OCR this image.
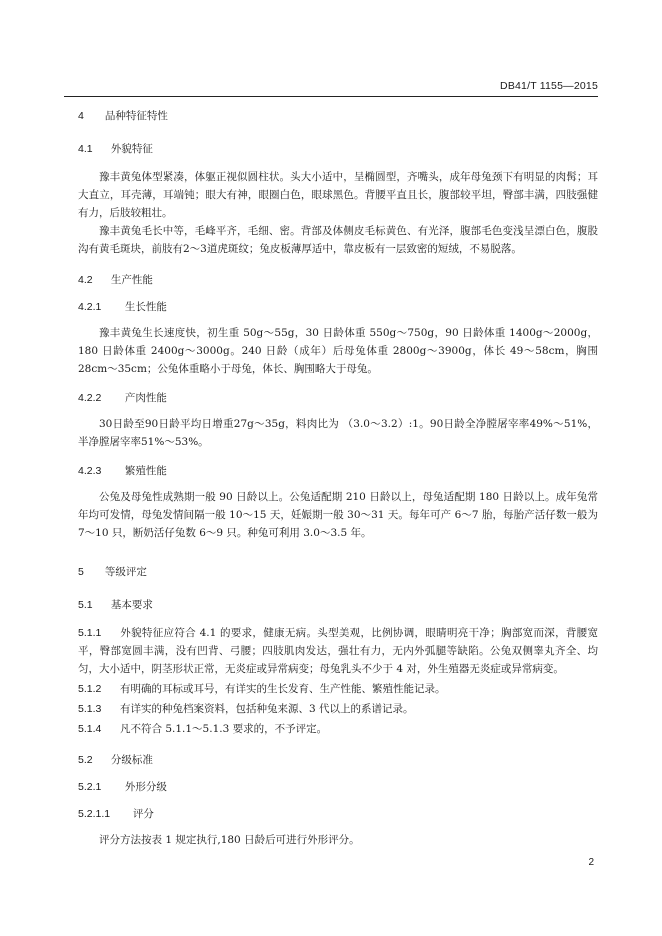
DB41/T 1155—2015
4 品种特征特性
4.1 外貌特征

豫丰黄兔体型紧凑，体躯正视似圆柱状。头大小适中，呈椭圆型，齐嘴头，成年母兔颈下有明显的肉髯；耳大直立，耳壳薄，耳端钝；眼大有神，眼圈白色，眼球黑色。背腰平直且长，腹部较平坦，臀部丰满，四肢强健有力，后肢较粗壮。

豫丰黄兔毛长中等，毛峰平齐，毛细、密。背部及体侧皮毛标黄色、有光泽，腹部毛色变浅呈漂白色，腹股沟有黄毛斑块，前肢有2～3道虎斑纹；兔皮板薄厚适中，靠皮板有一层致密的短绒，不易脱落。

4.2 生产性能
4.2.1 生长性能

豫丰黄兔生长速度快，初生重 50g～55g，30 日龄体重 550g～750g，90 日龄体重 1400g～2000g，180 日龄体重 2400g～3000g。240 日龄（成年）后母兔体重 2800g～3900g，体长 49～58cm，胸围 28cm～35cm；公兔体重略小于母兔，体长、胸围略大于母兔。

4.2.2 产肉性能

30日龄至90日龄平均日增重27g～35g，料肉比为 （3.0～3.2）:1。90日龄全净膛屠宰率49%～51%，半净膛屠宰率51%～53%。

4.2.3 繁殖性能

公兔及母兔性成熟期一般 90 日龄以上。公兔适配期 210 日龄以上，母兔适配期 180 日龄以上。成年兔常年均可发情，母兔发情间隔一般 10～15 天，妊娠期一般 30～31 天。每年可产 6～7 胎，每胎产活仔数一般为 7～10 只，断奶活仔兔数 6～9 只。种兔可利用 3.0～3.5 年。

5 等级评定
5.1 基本要求

5.1.1 外貌特征应符合 4.1 的要求，健康无病。头型美观，比例协调，眼睛明亮干净；胸部宽而深，背腰宽平，臀部宽圆丰满，没有凹背、弓腰；四肢肌肉发达，强壮有力，无内外弧腿等缺陷。公兔双侧睾丸齐全、均匀，大小适中，阴茎形状正常，无炎症或异常病变；母兔乳头不少于 4 对，外生殖器无炎症或异常病变。

5.1.2 有明确的耳标或耳号，有详实的生长发育、生产性能、繁殖性能记录。

5.1.3 有详实的种兔档案资料，包括种兔来源、3 代以上的系谱记录。

5.1.4 凡不符合 5.1.1～5.1.3 要求的，不予评定。

5.2 分级标准
5.2.1 外形分级
5.2.1.1 评分

评分方法按表 1 规定执行,180 日龄后可进行外形评分。

2
